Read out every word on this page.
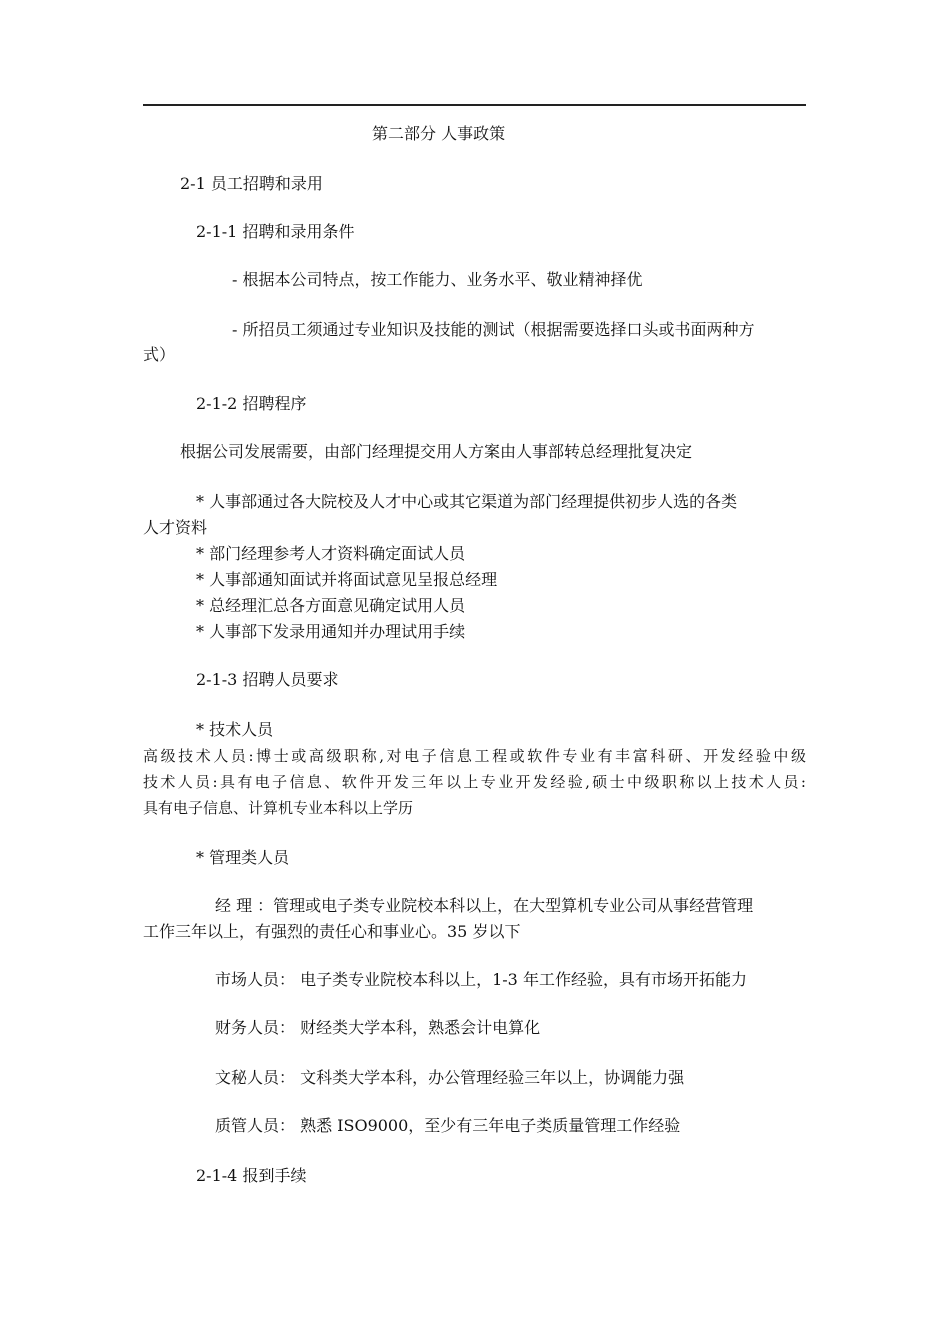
第二部分 人事政策
2-1 员工招聘和录用
2-1-1 招聘和录用条件
- 根据本公司特点，按工作能力、业务水平、敬业精神择优
- 所招员工须通过专业知识及技能的测试（根据需要选择口头或书面两种方
式）
2-1-2 招聘程序
根据公司发展需要，由部门经理提交用人方案由人事部转总经理批复决定
* 人事部通过各大院校及人才中心或其它渠道为部门经理提供初步人选的各类
人才资料
* 部门经理参考人才资料确定面试人员
* 人事部通知面试并将面试意见呈报总经理
* 总经理汇总各方面意见确定试用人员
* 人事部下发录用通知并办理试用手续
2-1-3 招聘人员要求
* 技术人员
高级技术人员:博士或高级职称,对电子信息工程或软件专业有丰富科研、开发经验中级
技术人员:具有电子信息、软件开发三年以上专业开发经验,硕士中级职称以上技术人员:
具有电子信息、计算机专业本科以上学历
* 管理类人员
经 理 ：管理或电子类专业院校本科以上，在大型算机专业公司从事经营管理
工作三年以上，有强烈的责任心和事业心。35 岁以下
市场人员： 电子类专业院校本科以上，1-3 年工作经验，具有市场开拓能力
财务人员： 财经类大学本科，熟悉会计电算化
文秘人员： 文科类大学本科，办公管理经验三年以上，协调能力强
质管人员： 熟悉 ISO9000，至少有三年电子类质量管理工作经验
2-1-4 报到手续
